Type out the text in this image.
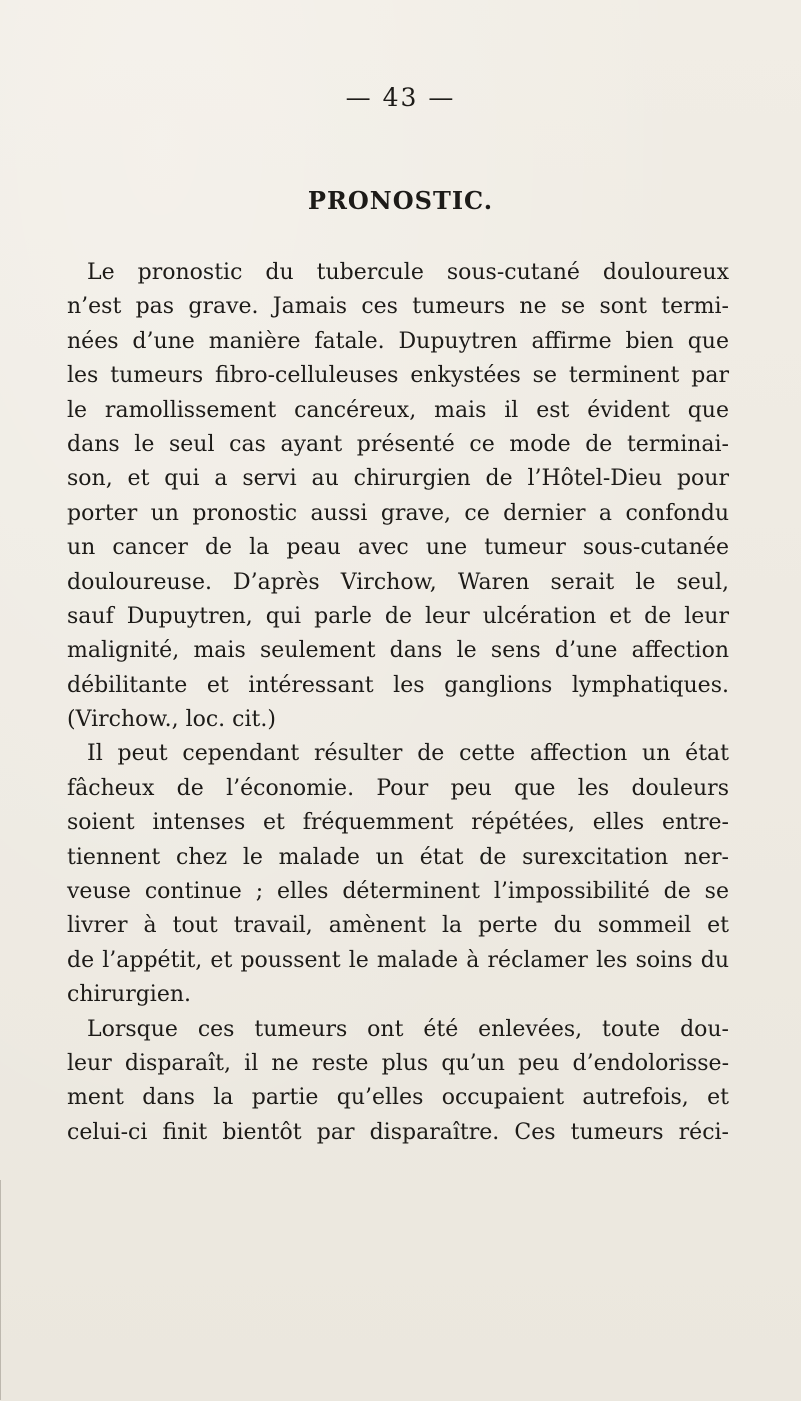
— 43 —
PRONOSTIC.
Le pronostic du tubercule sous-cutané douloureux
n’est pas grave. Jamais ces tumeurs ne se sont termi-
nées d’une manière fatale. Dupuytren affirme bien que
les tumeurs fibro-celluleuses enkystées se terminent par
le ramollissement cancéreux, mais il est évident que
dans le seul cas ayant présenté ce mode de terminai-
son, et qui a servi au chirurgien de l’Hôtel-Dieu pour
porter un pronostic aussi grave, ce dernier a confondu
un cancer de la peau avec une tumeur sous-cutanée
douloureuse. D’après Virchow, Waren serait le seul,
sauf Dupuytren, qui parle de leur ulcération et de leur
malignité, mais seulement dans le sens d’une affection
débilitante et intéressant les ganglions lymphatiques.
(Virchow., loc. cit.)
Il peut cependant résulter de cette affection un état
fâcheux de l’économie. Pour peu que les douleurs
soient intenses et fréquemment répétées, elles entre-
tiennent chez le malade un état de surexcitation ner-
veuse continue ; elles déterminent l’impossibilité de se
livrer à tout travail, amènent la perte du sommeil et
de l’appétit, et poussent le malade à réclamer les soins du
chirurgien.
Lorsque ces tumeurs ont été enlevées, toute dou-
leur disparaît, il ne reste plus qu’un peu d’endolorisse-
ment dans la partie qu’elles occupaient autrefois, et
celui-ci finit bientôt par disparaître. Ces tumeurs réci-
